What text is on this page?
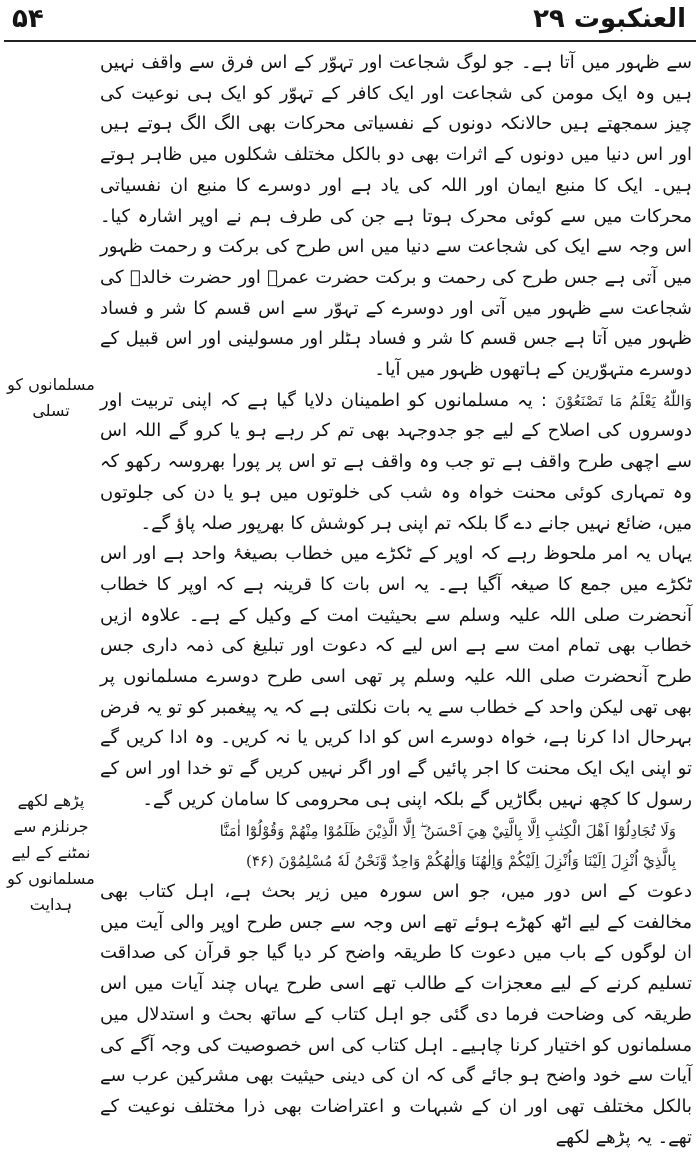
۵۴	العنکبوت ۲۹
مسلمانوں کو تسلی
پڑھے لکھے جرنلزم سے نمٹنے کے لیے مسلمانوں کو ہدایت

سے ظہور میں آتا ہے۔ جو لوگ شجاعت اور تہوّر کے اس فرق سے واقف نہیں ہیں وہ ایک مومن کی شجاعت اور ایک کافر کے تہوّر کو ایک ہی نوعیت کی چیز سمجھتے ہیں حالانکہ دونوں کے نفسیاتی محرکات بھی الگ الگ ہوتے ہیں اور اس دنیا میں دونوں کے اثرات بھی دو بالکل مختلف شکلوں میں ظاہر ہوتے ہیں۔ ایک کا منبع ایمان اور اللہ کی یاد ہے اور دوسرے کا منبع ان نفسیاتی محرکات میں سے کوئی محرک ہوتا ہے جن کی طرف ہم نے اوپر اشارہ کیا۔ اس وجہ سے ایک کی شجاعت سے دنیا میں اس طرح کی برکت و رحمت ظہور میں آتی ہے جس طرح کی رحمت و برکت حضرت عمرؓ اور حضرت خالدؓ کی شجاعت سے ظہور میں آتی اور دوسرے کے تہوّر سے اس قسم کا شر و فساد ظہور میں آتا ہے جس قسم کا شر و فساد ہٹلر اور مسولینی اور اس قبیل کے دوسرے متہوّرین کے ہاتھوں ظہور میں آیا۔

وَاللّٰهُ يَعْلَمُ مَا تَصْنَعُوْنَ : یہ مسلمانوں کو اطمینان دلایا گیا ہے کہ اپنی تربیت اور دوسروں کی اصلاح کے لیے جو جدوجہد بھی تم کر رہے ہو یا کرو گے اللہ اس سے اچھی طرح واقف ہے تو جب وہ واقف ہے تو اس پر پورا بھروسہ رکھو کہ وہ تمہاری کوئی محنت خواہ وہ شب کی خلوتوں میں ہو یا دن کی جلوتوں میں، ضائع نہیں جانے دے گا بلکہ تم اپنی ہر کوشش کا بھرپور صلہ پاؤ گے۔

یہاں یہ امر ملحوظ رہے کہ اوپر کے ٹکڑے میں خطاب بصیغۂ واحد ہے اور اس ٹکڑے میں جمع کا صیغہ آگیا ہے۔ یہ اس بات کا قرینہ ہے کہ اوپر کا خطاب آنحضرت صلی اللہ علیہ وسلم سے بحیثیت امت کے وکیل کے ہے۔ علاوہ ازیں خطاب بھی تمام امت سے ہے اس لیے کہ دعوت اور تبلیغ کی ذمہ داری جس طرح آنحضرت صلی اللہ علیہ وسلم پر تھی اسی طرح دوسرے مسلمانوں پر بھی تھی لیکن واحد کے خطاب سے یہ بات نکلتی ہے کہ یہ پیغمبر کو تو یہ فرض بہرحال ادا کرنا ہے، خواہ دوسرے اس کو ادا کریں یا نہ کریں۔ وہ ادا کریں گے تو اپنی ایک ایک محنت کا اجر پائیں گے اور اگر نہیں کریں گے تو خدا اور اس کے رسول کا کچھ نہیں بگاڑیں گے بلکہ اپنی ہی محرومی کا سامان کریں گے۔

وَلَا تُجَادِلُوْٓا اَهْلَ الْكِتٰبِ اِلَّا بِالَّتِيْ هِيَ اَحْسَنُ ۖ اِلَّا الَّذِيْنَ ظَلَمُوْا مِنْهُمْ وَقُوْلُوْٓا اٰمَنَّا

بِالَّذِيْٓ اُنْزِلَ اِلَيْنَا وَاُنْزِلَ اِلَيْكُمْ وَاِلٰهُنَا وَاِلٰهُكُمْ وَاحِدٌ وَّنَحْنُ لَهٗ مُسْلِمُوْنَ (۴۶)

دعوت کے اس دور میں، جو اس سورہ میں زیر بحث ہے، اہل کتاب بھی مخالفت کے لیے اٹھ کھڑے ہوئے تھے اس وجہ سے جس طرح اوپر والی آیت میں ان لوگوں کے باب میں دعوت کا طریقہ واضح کر دیا گیا جو قرآن کی صداقت تسلیم کرنے کے لیے معجزات کے طالب تھے اسی طرح یہاں چند آیات میں اس طریقہ کی وضاحت فرما دی گئی جو اہل کتاب کے ساتھ بحث و استدلال میں مسلمانوں کو اختیار کرنا چاہیے۔ اہل کتاب کی اس خصوصیت کی وجہ آگے کی آیات سے خود واضح ہو جائے گی کہ ان کی دینی حیثیت بھی مشرکین عرب سے بالکل مختلف تھی اور ان کے شبہات و اعتراضات بھی ذرا مختلف نوعیت کے تھے۔ یہ پڑھے لکھے
